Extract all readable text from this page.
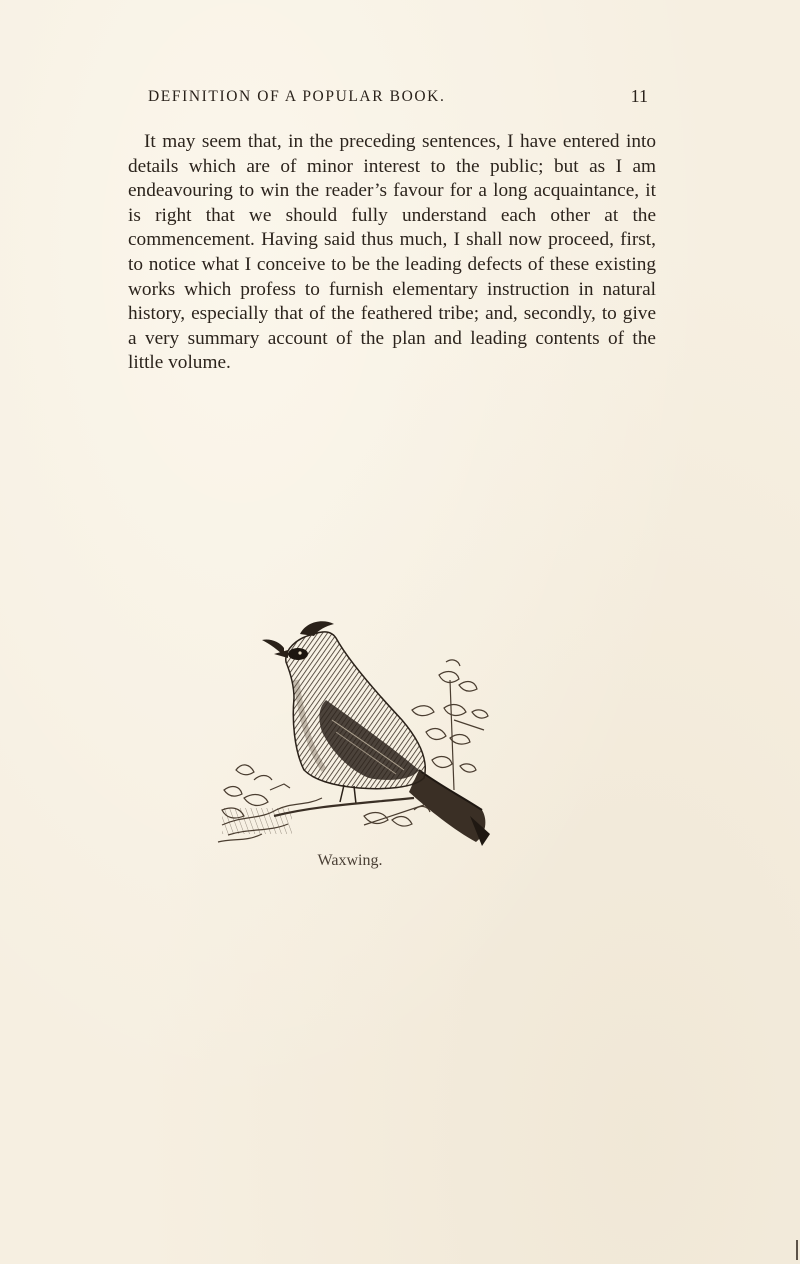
DEFINITION OF A POPULAR BOOK.	11

It may seem that, in the preceding sentences, I have entered into details which are of minor interest to the public; but as I am endeavouring to win the reader’s favour for a long acquaintance, it is right that we should fully understand each other at the commencement. Having said thus much, I shall now proceed, first, to notice what I conceive to be the leading defects of these existing works which profess to furnish elementary instruction in natural history, especially that of the feathered tribe; and, secondly, to give a very summary account of the plan and leading contents of the little volume.

Waxwing.
